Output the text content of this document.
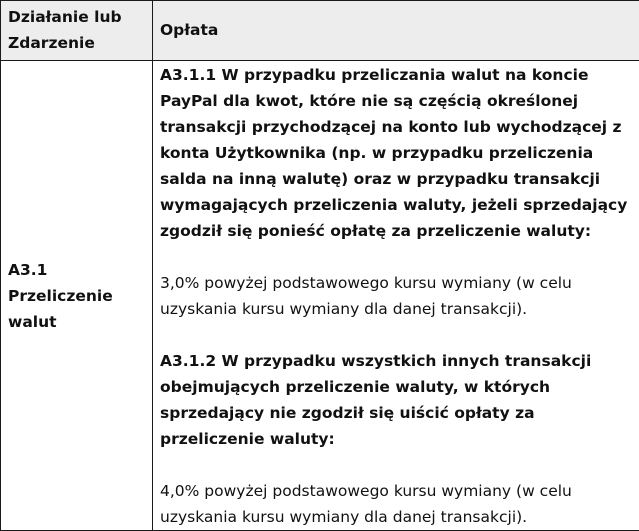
Działanie lub Zdarzenie	Opłata
A3.1 Przeliczenie walut	A3.1.1 W przypadku przeliczania walut na koncie PayPal dla kwot, które nie są częścią określonej transakcji przychodzącej na konto lub wychodzącej z konta Użytkownika (np. w przypadku przeliczenia salda na inną walutę) oraz w przypadku transakcji wymagających przeliczenia waluty, jeżeli sprzedający zgodził się ponieść opłatę za przeliczenie waluty:
3,0% powyżej podstawowego kursu wymiany (w celu uzyskania kursu wymiany dla danej transakcji).
A3.1.2 W przypadku wszystkich innych transakcji obejmujących przeliczenie waluty, w których sprzedający nie zgodził się uiścić opłaty za przeliczenie waluty:
4,0% powyżej podstawowego kursu wymiany (w celu uzyskania kursu wymiany dla danej transakcji).
